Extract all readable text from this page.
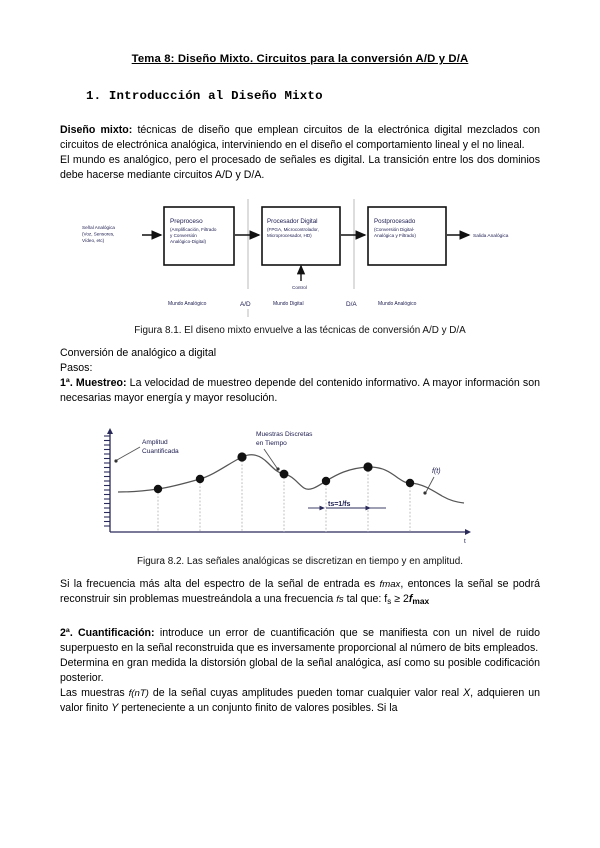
Tema 8: Diseño Mixto. Circuitos para la conversión A/D y D/A
1. Introducción al Diseño Mixto

Diseño mixto: técnicas de diseño que emplean circuitos de la electrónica digital mezclados con circuitos de electrónica analógica, interviniendo en el diseño el comportamiento lineal y el no lineal.

El mundo es analógico, pero el procesado de señales es digital. La transición entre los dos dominios debe hacerse mediante circuitos A/D y D/A.

Señal Analógica
(Voz, Sensores,
Vídeo, etc)
Preproceso
(Amplificación, Filtrado
y Conversión
Analógico-Digital)
Procesador Digital
(FPGA, Microcontrolador,
Microprocesador, HD)
Control
Postprocesado
(Conversión Digital-
Analógica y Filtrado)	Salida Analógica
Mundo Analógico	A/D	Mundo Digital	D/A	Mundo Analógico
Figura 8.1. El diseno mixto envuelve a las técnicas de conversión A/D y D/A

Conversión de analógico a digital

Pasos:

1ª. Muestreo: La velocidad de muestreo depende del contenido informativo. A mayor información son necesarias mayor energía y mayor resolución.

t
Amplitud
Cuantificada
Muestras Discretas
en Tiempo
f(t)
ts=1/fs
Figura 8.2. Las señales analógicas se discretizan en tiempo y en amplitud.

Si la frecuencia más alta del espectro de la señal de entrada es fmax, entonces la señal se podrá reconstruir sin problemas muestreándola a una frecuencia fs tal que: $f_s \ge 2fmax$

2ª. Cuantificación: introduce un error de cuantificación que se manifiesta con un nivel de ruido superpuesto en la señal reconstruida que es inversamente proporcional al número de bits empleados.

Determina en gran medida la distorsión global de la señal analógica, así como su posible codificación posterior.

Las muestras f(nT) de la señal cuyas amplitudes pueden tomar cualquier valor real X, adquieren un valor finito Y perteneciente a un conjunto finito de valores posibles. Si la
